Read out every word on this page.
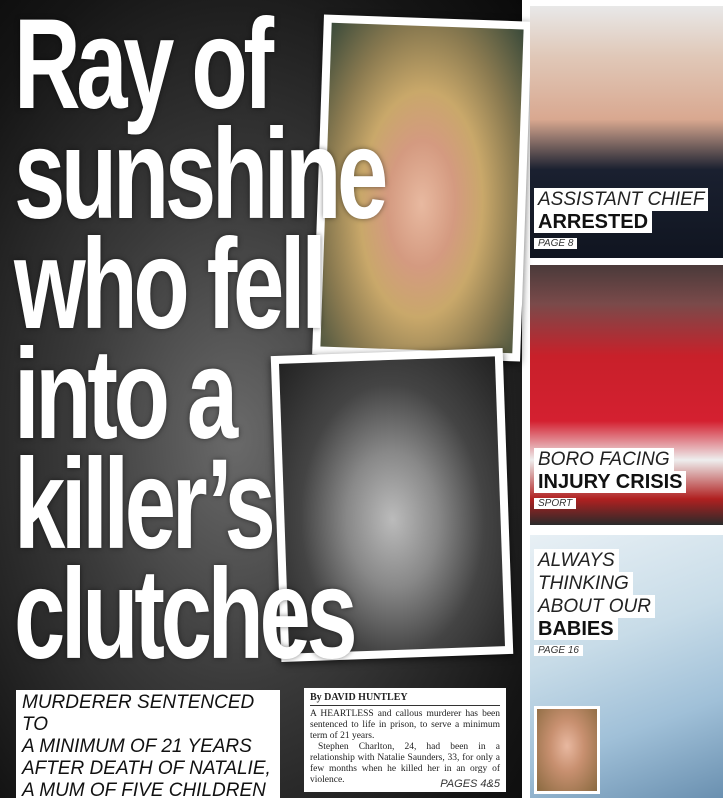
Ray of
sunshine
who fell
into a
killer’s
clutches
MURDERER SENTENCED TO
A MINIMUM OF 21 YEARS
AFTER DEATH OF NATALIE,
A MUM OF FIVE CHILDREN
By DAVID HUNTLEY

A HEARTLESS and callous murderer has been sentenced to life in prison, to serve a minimum term of 21 years.

Stephen Charlton, 24, had been in a relationship with Natalie Saunders, 33, for only a few months when he killed her in an orgy of violence.	PAGES 4&5
ASSISTANT CHIEF
ARRESTED
PAGE 8
BORO FACING
INJURY CRISIS
SPORT
ALWAYS
THINKING
ABOUT OUR
BABIES
PAGE 16
